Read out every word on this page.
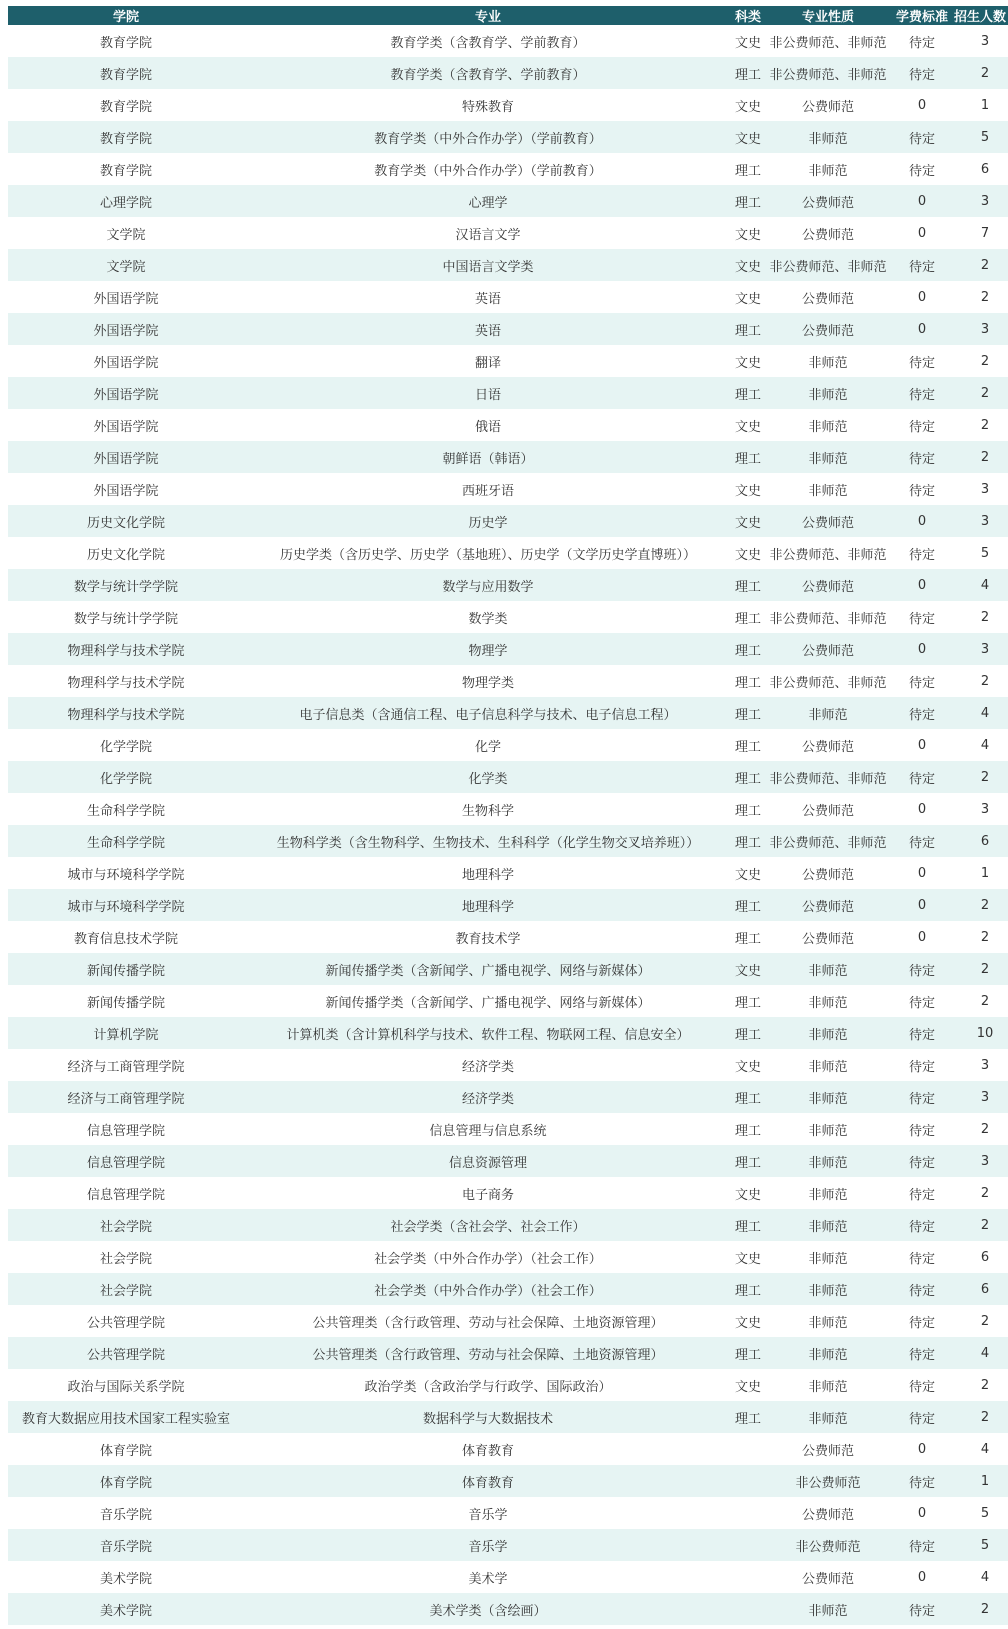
学院	专业	科类	专业性质	学费标准	招生人数
教育学院	教育学类（含教育学、学前教育）	文史	非公费师范、非师范	待定	3
教育学院	教育学类（含教育学、学前教育）	理工	非公费师范、非师范	待定	2
教育学院	特殊教育	文史	公费师范	0	1
教育学院	教育学类（中外合作办学）（学前教育）	文史	非师范	待定	5
教育学院	教育学类（中外合作办学）（学前教育）	理工	非师范	待定	6
心理学院	心理学	理工	公费师范	0	3
文学院	汉语言文学	文史	公费师范	0	7
文学院	中国语言文学类	文史	非公费师范、非师范	待定	2
外国语学院	英语	文史	公费师范	0	2
外国语学院	英语	理工	公费师范	0	3
外国语学院	翻译	文史	非师范	待定	2
外国语学院	日语	理工	非师范	待定	2
外国语学院	俄语	文史	非师范	待定	2
外国语学院	朝鲜语（韩语）	理工	非师范	待定	2
外国语学院	西班牙语	文史	非师范	待定	3
历史文化学院	历史学	文史	公费师范	0	3
历史文化学院	历史学类（含历史学、历史学（基地班）、历史学（文学历史学直博班））	文史	非公费师范、非师范	待定	5
数学与统计学学院	数学与应用数学	理工	公费师范	0	4
数学与统计学学院	数学类	理工	非公费师范、非师范	待定	2
物理科学与技术学院	物理学	理工	公费师范	0	3
物理科学与技术学院	物理学类	理工	非公费师范、非师范	待定	2
物理科学与技术学院	电子信息类（含通信工程、电子信息科学与技术、电子信息工程）	理工	非师范	待定	4
化学学院	化学	理工	公费师范	0	4
化学学院	化学类	理工	非公费师范、非师范	待定	2
生命科学学院	生物科学	理工	公费师范	0	3
生命科学学院	生物科学类（含生物科学、生物技术、生科科学（化学生物交叉培养班））	理工	非公费师范、非师范	待定	6
城市与环境科学学院	地理科学	文史	公费师范	0	1
城市与环境科学学院	地理科学	理工	公费师范	0	2
教育信息技术学院	教育技术学	理工	公费师范	0	2
新闻传播学院	新闻传播学类（含新闻学、广播电视学、网络与新媒体）	文史	非师范	待定	2
新闻传播学院	新闻传播学类（含新闻学、广播电视学、网络与新媒体）	理工	非师范	待定	2
计算机学院	计算机类（含计算机科学与技术、软件工程、物联网工程、信息安全）	理工	非师范	待定	10
经济与工商管理学院	经济学类	文史	非师范	待定	3
经济与工商管理学院	经济学类	理工	非师范	待定	3
信息管理学院	信息管理与信息系统	理工	非师范	待定	2
信息管理学院	信息资源管理	理工	非师范	待定	3
信息管理学院	电子商务	文史	非师范	待定	2
社会学院	社会学类（含社会学、社会工作）	理工	非师范	待定	2
社会学院	社会学类（中外合作办学）（社会工作）	文史	非师范	待定	6
社会学院	社会学类（中外合作办学）（社会工作）	理工	非师范	待定	6
公共管理学院	公共管理类（含行政管理、劳动与社会保障、土地资源管理）	文史	非师范	待定	2
公共管理学院	公共管理类（含行政管理、劳动与社会保障、土地资源管理）	理工	非师范	待定	4
政治与国际关系学院	政治学类（含政治学与行政学、国际政治）	文史	非师范	待定	2
教育大数据应用技术国家工程实验室	数据科学与大数据技术	理工	非师范	待定	2
体育学院	体育教育		公费师范	0	4
体育学院	体育教育		非公费师范	待定	1
音乐学院	音乐学		公费师范	0	5
音乐学院	音乐学		非公费师范	待定	5
美术学院	美术学		公费师范	0	4
美术学院	美术学类（含绘画）		非师范	待定	2
